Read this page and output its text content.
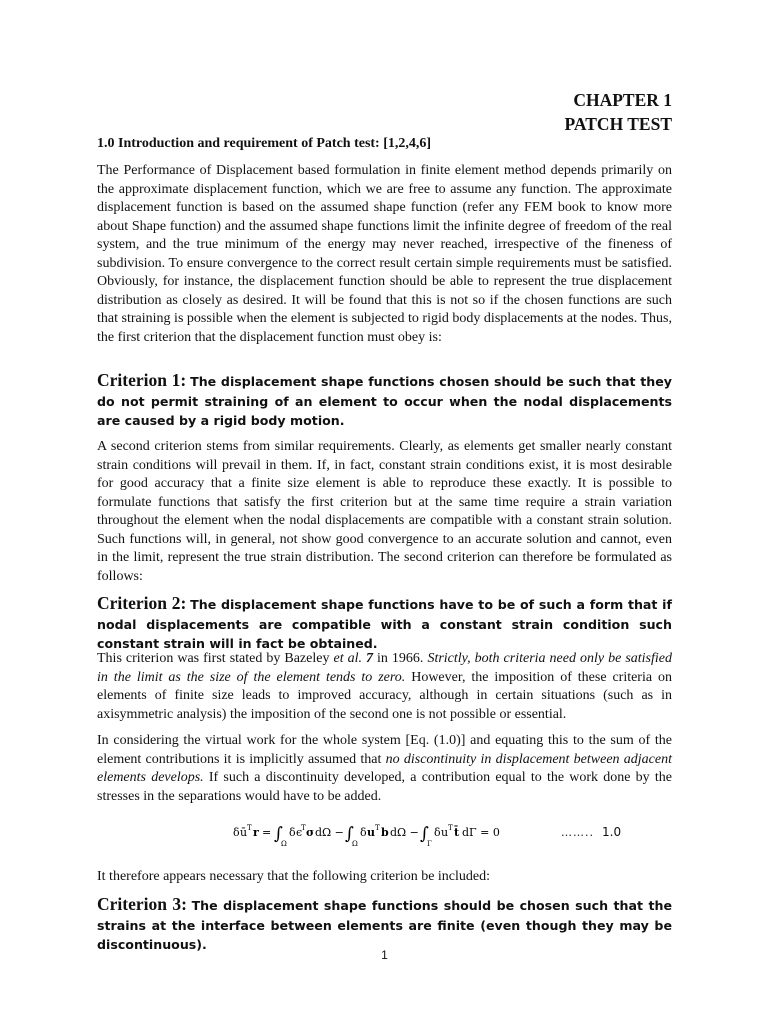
CHAPTER 1
PATCH TEST
1.0 Introduction and requirement of Patch test: [1,2,4,6]

The Performance of Displacement based formulation in finite element method depends primarily on the approximate displacement function, which we are free to assume any function. The approximate displacement function is based on the assumed shape function (refer any FEM book to know more about Shape function) and the assumed shape functions limit the infinite degree of freedom of the real system, and the true minimum of the energy may never reached, irrespective of the fineness of subdivision. To ensure convergence to the correct result certain simple requirements must be satisfied. Obviously, for instance, the displacement function should be able to represent the true displacement distribution as closely as desired. It will be found that this is not so if the chosen functions are such that straining is possible when the element is subjected to rigid body displacements at the nodes. Thus, the first criterion that the displacement function must obey is:

Criterion 1: The displacement shape functions chosen should be such that they do not permit straining of an element to occur when the nodal displacements are caused by a rigid body motion.

A second criterion stems from similar requirements. Clearly, as elements get smaller nearly constant strain conditions will prevail in them. If, in fact, constant strain conditions exist, it is most desirable for good accuracy that a finite size element is able to reproduce these exactly. It is possible to formulate functions that satisfy the first criterion but at the same time require a strain variation throughout the element when the nodal displacements are compatible with a constant strain solution. Such functions will, in general, not show good convergence to an accurate solution and cannot, even in the limit, represent the true strain distribution. The second criterion can therefore be formulated as follows:

Criterion 2: The displacement shape functions have to be of such a form that if nodal displacements are compatible with a constant strain condition such constant strain will in fact be obtained.

This criterion was first stated by Bazeley et al. 7 in 1966. Strictly, both criteria need only be satisfied in the limit as the size of the element tends to zero. However, the imposition of these criteria on elements of finite size leads to improved accuracy, although in certain situations (such as in axisymmetric analysis) the imposition of the second one is not possible or essential.

In considering the virtual work for the whole system [Eq. (1.0)] and equating this to the sum of the element contributions it is implicitly assumed that no discontinuity in displacement between adjacent elements develops. If such a discontinuity developed, a contribution equal to the work done by the stresses in the separations would have to be added.

δ ū T r = ∫
Ω
δ ϵ
T σ dΩ − ∫
Ω
δ u T b dΩ − ∫
Γ
δ u T t̄ dΓ = 0	…….. 1.0

It therefore appears necessary that the following criterion be included:

Criterion 3: The displacement shape functions should be chosen such that the strains at the interface between elements are finite (even though they may be discontinuous).

1
